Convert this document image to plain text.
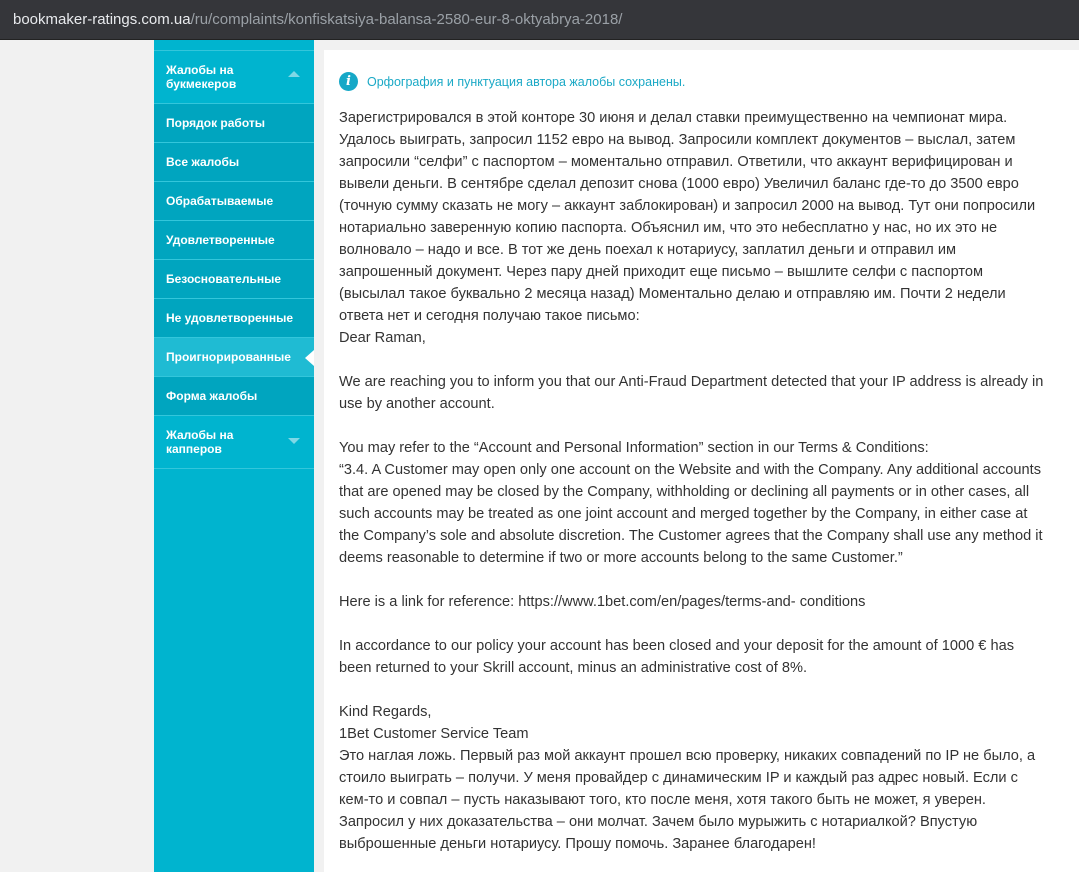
bookmaker-ratings.com.ua/ru/complaints/konfiskatsiya-balansa-2580-eur-8-oktyabrya-2018/
Жалобы на букмекеров
Порядок работы
Все жалобы
Обрабатываемые
Удовлетворенные
Безосновательные
Не удовлетворенные
Проигнорированные
Форма жалобы
Жалобы на капперов
i	Орфография и пунктуация автора жалобы сохранены.
Зарегистрировался в этой конторе 30 июня и делал ставки преимущественно на чемпионат мира.
Удалось выиграть, запросил 1152 евро на вывод. Запросили комплект документов – выслал, затем
запросили “селфи” с паспортом – моментально отправил. Ответили, что аккаунт верифицирован и
вывели деньги. В сентябре сделал депозит снова (1000 евро) Увеличил баланс где-то до 3500 евро
(точную сумму сказать не могу – аккаунт заблокирован) и запросил 2000 на вывод. Тут они попросили
нотариально заверенную копию паспорта. Объяснил им, что это небесплатно у нас, но их это не
волновало – надо и все. В тот же день поехал к нотариусу, заплатил деньги и отправил им
запрошенный документ. Через пару дней приходит еще письмо – вышлите селфи с паспортом
(высылал такое буквально 2 месяца назад) Моментально делаю и отправляю им. Почти 2 недели
ответа нет и сегодня получаю такое письмо:
Dear Raman,
We are reaching you to inform you that our Anti-Fraud Department detected that your IP address is already in
use by another account.
You may refer to the “Account and Personal Information” section in our Terms & Conditions:
“3.4. A Customer may open only one account on the Website and with the Company. Any additional accounts
that are opened may be closed by the Company, withholding or declining all payments or in other cases, all
such accounts may be treated as one joint account and merged together by the Company, in either case at
the Company’s sole and absolute discretion. The Customer agrees that the Company shall use any method it
deems reasonable to determine if two or more accounts belong to the same Customer.”
Here is a link for reference: https://www.1bet.com/en/pages/terms-and- conditions
In accordance to our policy your account has been closed and your deposit for the amount of 1000 € has
been returned to your Skrill account, minus an administrative cost of 8%.
Kind Regards,
1Bet Customer Service Team
Это наглая ложь. Первый раз мой аккаунт прошел всю проверку, никаких совпадений по IP не было, а
стоило выиграть – получи. У меня провайдер с динамическим IP и каждый раз адрес новый. Если с
кем-то и совпал – пусть наказывают того, кто после меня, хотя такого быть не может, я уверен.
Запросил у них доказательства – они молчат. Зачем было мурыжить с нотариалкой? Впустую
выброшенные деньги нотариусу. Прошу помочь. Заранее благодарен!
